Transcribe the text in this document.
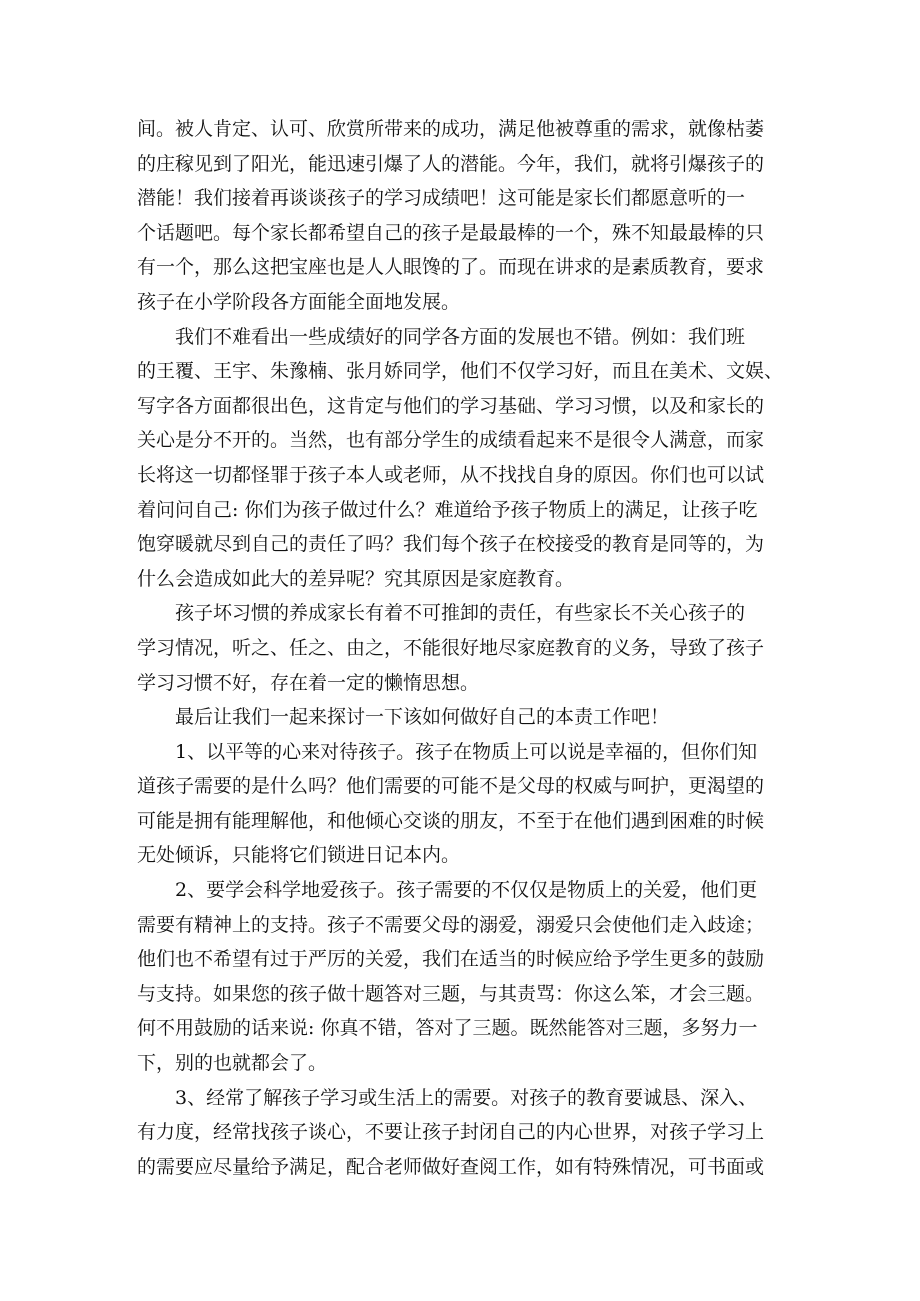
间。被人肯定、认可、欣赏所带来的成功，满足他被尊重的需求，就像枯萎
的庄稼见到了阳光，能迅速引爆了人的潜能。今年，我们，就将引爆孩子的
潜能！我们接着再谈谈孩子的学习成绩吧！这可能是家长们都愿意听的一
个话题吧。每个家长都希望自己的孩子是最最棒的一个，殊不知最最棒的只
有一个，那么这把宝座也是人人眼馋的了。而现在讲求的是素质教育，要求
孩子在小学阶段各方面能全面地发展。
我们不难看出一些成绩好的同学各方面的发展也不错。例如：我们班
的王覆、王宇、朱豫楠、张月娇同学，他们不仅学习好，而且在美术、文娱、
写字各方面都很出色，这肯定与他们的学习基础、学习习惯，以及和家长的
关心是分不开的。当然，也有部分学生的成绩看起来不是很令人满意，而家
长将这一切都怪罪于孩子本人或老师，从不找找自身的原因。你们也可以试
着问问自己: 你们为孩子做过什么？难道给予孩子物质上的满足，让孩子吃
饱穿暖就尽到自己的责任了吗？我们每个孩子在校接受的教育是同等的，为
什么会造成如此大的差异呢？究其原因是家庭教育。
孩子坏习惯的养成家长有着不可推卸的责任，有些家长不关心孩子的
学习情况，听之、任之、由之，不能很好地尽家庭教育的义务，导致了孩子
学习习惯不好，存在着一定的懒惰思想。
最后让我们一起来探讨一下该如何做好自己的本责工作吧！
1、以平等的心来对待孩子。孩子在物质上可以说是幸福的，但你们知
道孩子需要的是什么吗？他们需要的可能不是父母的权威与呵护，更渴望的
可能是拥有能理解他，和他倾心交谈的朋友，不至于在他们遇到困难的时候
无处倾诉，只能将它们锁进日记本内。
2、要学会科学地爱孩子。孩子需要的不仅仅是物质上的关爱，他们更
需要有精神上的支持。孩子不需要父母的溺爱，溺爱只会使他们走入歧途；
他们也不希望有过于严厉的关爱，我们在适当的时候应给予学生更多的鼓励
与支持。如果您的孩子做十题答对三题，与其责骂：你这么笨，才会三题。
何不用鼓励的话来说: 你真不错，答对了三题。既然能答对三题，多努力一
下，别的也就都会了。
3、经常了解孩子学习或生活上的需要。对孩子的教育要诚恳、深入、
有力度，经常找孩子谈心，不要让孩子封闭自己的内心世界，对孩子学习上
的需要应尽量给予满足，配合老师做好查阅工作，如有特殊情况，可书面或
